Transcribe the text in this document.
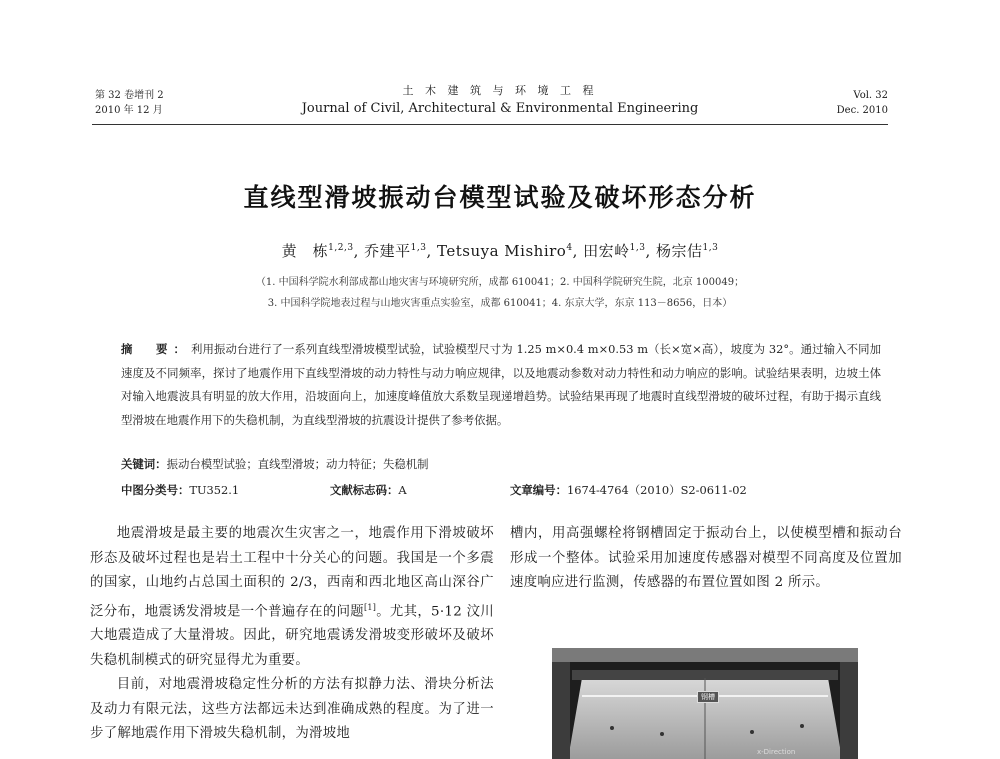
第 32 卷增刊 2
2010 年 12 月
土 木 建 筑 与 环 境 工 程
Journal of Civil, Architectural & Environmental Engineering
Vol. 32
Dec. 2010
直线型滑坡振动台模型试验及破坏形态分析
黄　栋$^{1,2,3}$, 乔建平$^{1,3}$, Tetsuya Mishiro$^4$, 田宏岭$^{1,3}$, 杨宗佶$^{1,3}$
（1. 中国科学院水利部成都山地灾害与环境研究所，成都 610041；2. 中国科学院研究生院，北京 100049；
3. 中国科学院地表过程与山地灾害重点实验室，成都 610041；4. 东京大学，东京 113－8656，日本）
摘　要：利用振动台进行了一系列直线型滑坡模型试验，试验模型尺寸为 1.25 m×0.4 m×0.53 m（长×宽×高），坡度为 32°。通过输入不同加速度及不同频率，探讨了地震作用下直线型滑坡的动力特性与动力响应规律，以及地震动参数对动力特性和动力响应的影响。试验结果表明，边坡土体对输入地震波具有明显的放大作用，沿坡面向上，加速度峰值放大系数呈现递增趋势。试验结果再现了地震时直线型滑坡的破坏过程，有助于揭示直线型滑坡在地震作用下的失稳机制，为直线型滑坡的抗震设计提供了参考依据。
关键词：振动台模型试验；直线型滑坡；动力特征；失稳机制
中图分类号：TU352.1	文献标志码：A	文章编号：1674-4764（2010）S2-0611-02

地震滑坡是最主要的地震次生灾害之一，地震作用下滑坡破坏形态及破坏过程也是岩土工程中十分关心的问题。我国是一个多震的国家，山地约占总国土面积的 2/3，西南和西北地区高山深谷广泛分布，地震诱发滑坡是一个普遍存在的问题[1]。尤其，5·12 汶川大地震造成了大量滑坡。因此，研究地震诱发滑坡变形破坏及破坏失稳机制模式的研究显得尤为重要。

目前，对地震滑坡稳定性分析的方法有拟静力法、滑块分析法及动力有限元法，这些方法都远未达到准确成熟的程度。为了进一步了解地震作用下滑坡失稳机制，为滑坡地

槽内，用高强螺栓将钢槽固定于振动台上，以使模型槽和振动台形成一个整体。试验采用加速度传感器对模型不同高度及位置加速度响应进行监测，传感器的布置位置如图 2 所示。

钢槽
x-Direction
